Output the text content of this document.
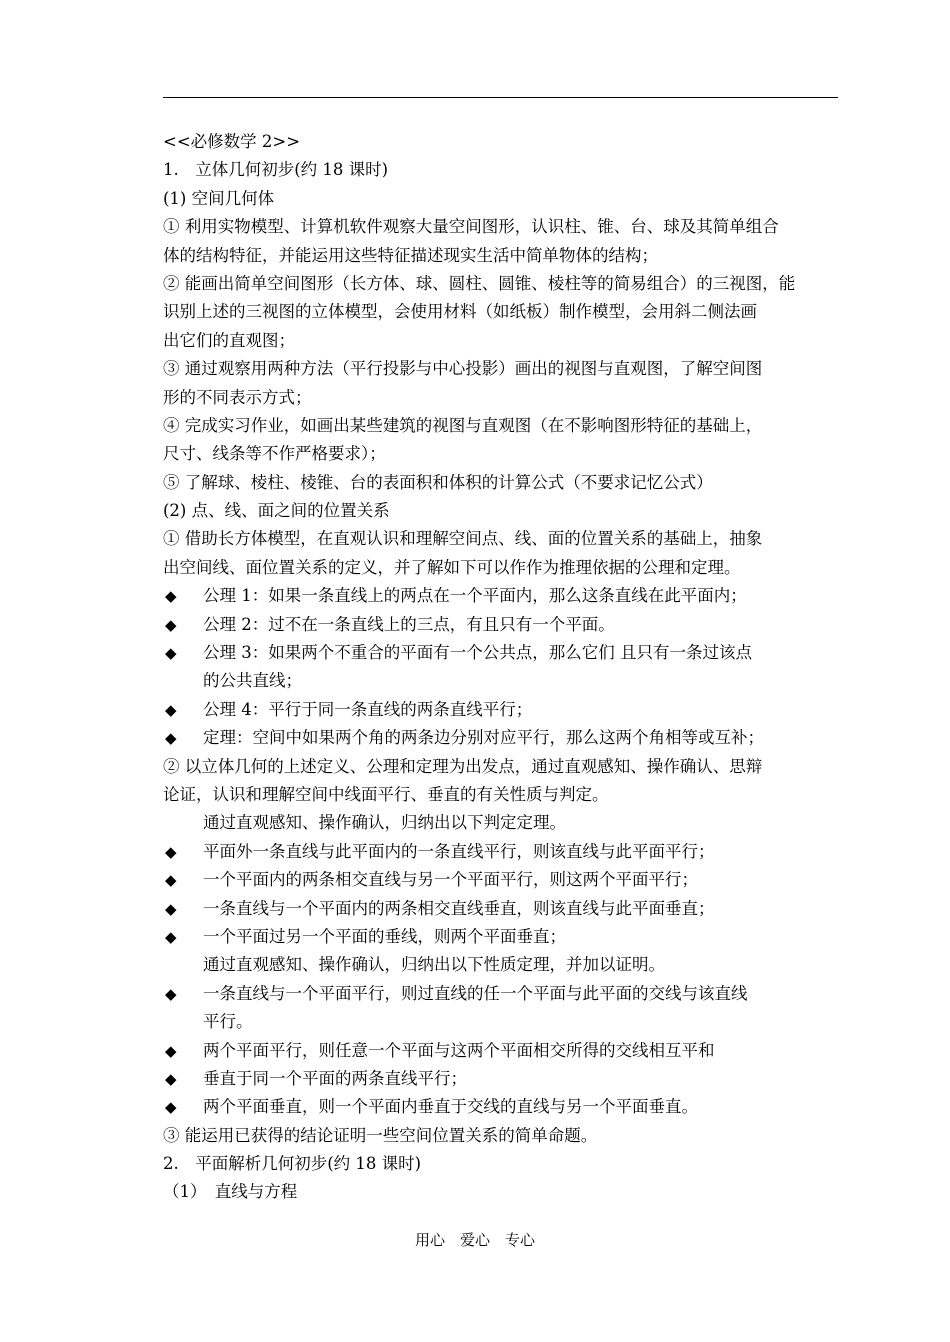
<<必修数学 2>>
1.　立体几何初步(约 18 课时)
(1) 空间几何体
① 利用实物模型、计算机软件观察大量空间图形，认识柱、锥、台、球及其简单组合
体的结构特征，并能运用这些特征描述现实生活中简单物体的结构；
② 能画出简单空间图形（长方体、球、圆柱、圆锥、棱柱等的简易组合）的三视图，能
识别上述的三视图的立体模型，会使用材料（如纸板）制作模型，会用斜二侧法画
出它们的直观图；
③ 通过观察用两种方法（平行投影与中心投影）画出的视图与直观图，了解空间图
形的不同表示方式；
④ 完成实习作业，如画出某些建筑的视图与直观图（在不影响图形特征的基础上，
尺寸、线条等不作严格要求）；
⑤ 了解球、棱柱、棱锥、台的表面积和体积的计算公式（不要求记忆公式）
(2) 点、线、面之间的位置关系
① 借助长方体模型，在直观认识和理解空间点、线、面的位置关系的基础上，抽象
出空间线、面位置关系的定义，并了解如下可以作作为推理依据的公理和定理。
◆ 公理 1：如果一条直线上的两点在一个平面内，那么这条直线在此平面内；
◆ 公理 2：过不在一条直线上的三点，有且只有一个平面。
◆ 公理 3：如果两个不重合的平面有一个公共点，那么它们 且只有一条过该点
的公共直线；
◆ 公理 4：平行于同一条直线的两条直线平行；
◆ 定理：空间中如果两个角的两条边分别对应平行，那么这两个角相等或互补；
② 以立体几何的上述定义、公理和定理为出发点，通过直观感知、操作确认、思辩
论证，认识和理解空间中线面平行、垂直的有关性质与判定。
通过直观感知、操作确认，归纳出以下判定定理。
◆ 平面外一条直线与此平面内的一条直线平行，则该直线与此平面平行；
◆ 一个平面内的两条相交直线与另一个平面平行，则这两个平面平行；
◆ 一条直线与一个平面内的两条相交直线垂直，则该直线与此平面垂直；
◆ 一个平面过另一个平面的垂线，则两个平面垂直；
通过直观感知、操作确认，归纳出以下性质定理，并加以证明。
◆ 一条直线与一个平面平行，则过直线的任一个平面与此平面的交线与该直线
平行。
◆ 两个平面平行，则任意一个平面与这两个平面相交所得的交线相互平和
◆ 垂直于同一个平面的两条直线平行；
◆ 两个平面垂直，则一个平面内垂直于交线的直线与另一个平面垂直。
③ 能运用已获得的结论证明一些空间位置关系的简单命题。
2.　平面解析几何初步(约 18 课时)
（1）　直线与方程
用心　爱心　专心
